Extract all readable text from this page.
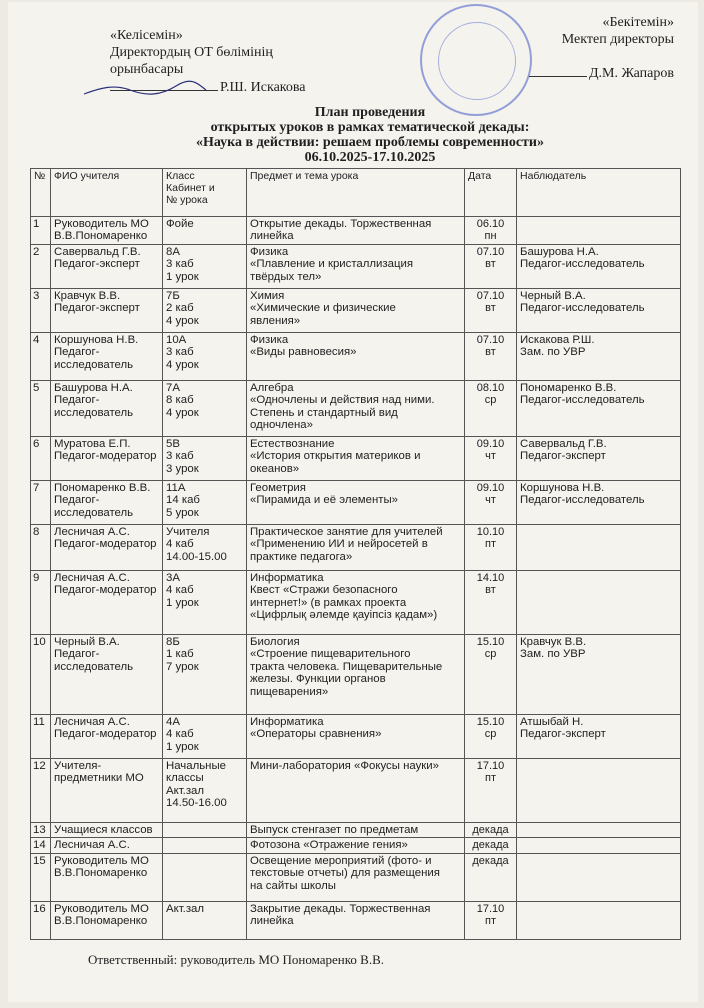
«Келісемін»
Директордың ОТ бөлімінің
орынбасары
Р.Ш. Искакова
«Бекітемін»
Мектеп директоры
Д.М. Жапаров
План проведения
открытых уроков в рамках тематической декады:
«Наука в действии: решаем проблемы современности»
06.10.2025-17.10.2025
№	ФИО учителя	Класс
Кабинет и
№ урока	Предмет и тема урока	Дата	Наблюдатель

1	Руководитель МО
В.В.Пономаренко	Фойе	Открытие декады. Торжественная
линейка	06.10
пн	

2	Савервальд Г.В.
Педагог-эксперт	8А
3 каб
1 урок	Физика
«Плавление и кристаллизация
твёрдых тел»	07.10
вт	Башурова Н.А.
Педагог-исследователь

3	Кравчук В.В.
Педагог-эксперт	7Б
2 каб
4 урок	Химия
«Химические и физические
явления»	07.10
вт	Черный В.А.
Педагог-исследователь

4	Коршунова Н.В.
Педагог-
исследователь	10А
3 каб
4 урок	Физика
«Виды равновесия»	07.10
вт	Искакова Р.Ш.
Зам. по УВР

5	Башурова Н.А.
Педагог-
исследователь	7А
8 каб
4 урок	Алгебра
«Одночлены и действия над ними.
Степень и стандартный вид
одночлена»	08.10
ср	Пономаренко В.В.
Педагог-исследователь

6	Муратова Е.П.
Педагог-модератор	5В
3 каб
3 урок	Естествознание
«История открытия материков и
океанов»	09.10
чт	Савервальд Г.В.
Педагог-эксперт

7	Пономаренко В.В.
Педагог-
исследователь	11А
14 каб
5 урок	Геометрия
«Пирамида и её элементы»	09.10
чт	Коршунова Н.В.
Педагог-исследователь

8	Лесничая А.С.
Педагог-модератор	Учителя
4 каб
14.00-15.00	Практическое занятие для учителей
«Применению ИИ и нейросетей в
практике педагога»	10.10
пт	

9	Лесничая А.С.
Педагог-модератор	3А
4 каб
1 урок	Информатика
Квест «Стражи безопасного
интернет!» (в рамках проекта
«Цифрлық әлемде қауіпсіз қадам»)	14.10
вт	

10	Черный В.А.
Педагог-
исследователь	8Б
1 каб
7 урок	Биология
«Строение пищеварительного
тракта человека. Пищеварительные
железы. Функции органов
пищеварения»	15.10
ср	Кравчук В.В.
Зам. по УВР

11	Лесничая А.С.
Педагог-модератор	4А
4 каб
1 урок	Информатика
«Операторы сравнения»	15.10
ср	Атшыбай Н.
Педагог-эксперт

12	Учителя-
предметники МО	Начальные
классы
Акт.зал
14.50-16.00	Мини-лаборатория «Фокусы науки»	17.10
пт	

13	Учащиеся классов		Выпуск стенгазет по предметам	декада	

14	Лесничая А.С.		Фотозона «Отражение гения»	декада	

15	Руководитель МО
В.В.Пономаренко		Освещение мероприятий (фото- и
текстовые отчеты) для размещения
на сайты школы	декада	

16	Руководитель МО
В.В.Пономаренко	Акт.зал	Закрытие декады. Торжественная
линейка	17.10
пт	

Ответственный: руководитель МО Пономаренко В.В.
